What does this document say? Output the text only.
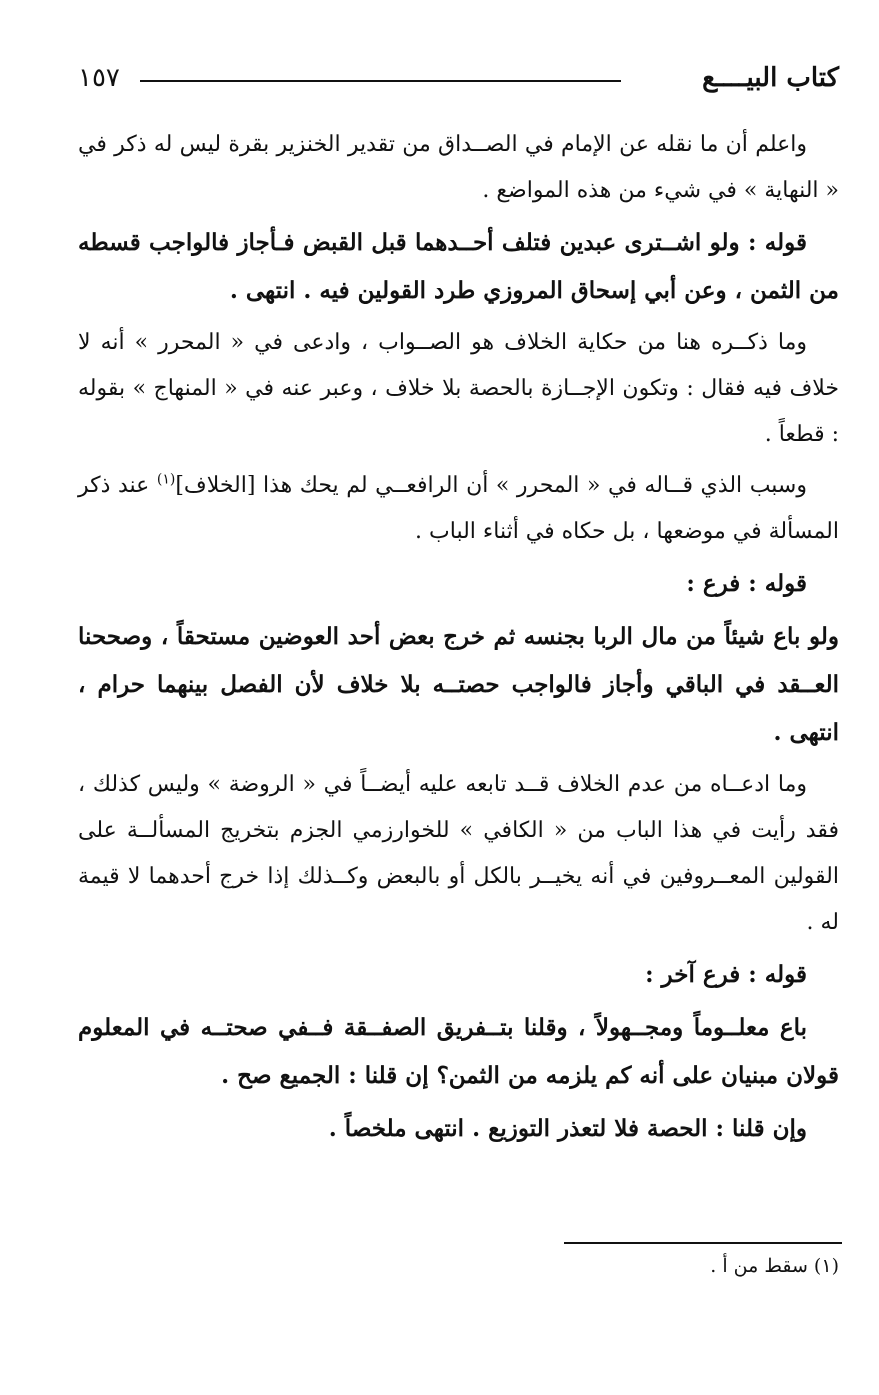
كتاب البيــــع
١٥٧

واعلم أن ما نقله عن الإمام في الصــداق من تقدير الخنزير بقرة ليس له ذكر في « النهاية » في شيء من هذه المواضع .

قوله : ولو اشــترى عبدين فتلف أحــدهما قبل القبض فـأجاز فالواجب قسطه من الثمن ، وعن أبي إسحاق المروزي طرد القولين فيه . انتهى .

وما ذكــره هنا من حكاية الخلاف هو الصــواب ، وادعى في « المحرر » أنه لا خلاف فيه فقال : وتكون الإجــازة بالحصة بلا خلاف ، وعبر عنه في « المنهاج » بقوله : قطعاً .

وسبب الذي قــاله في « المحرر » أن الرافعــي لم يحك هذا [الخلاف]$^{(١)}$ عند ذكر المسألة في موضعها ، بل حكاه في أثناء الباب .

قوله : فرع :

ولو باع شيئاً من مال الربا بجنسه ثم خرج بعض أحد العوضين مستحقاً ، وصححنا العــقد في الباقي وأجاز فالواجب حصتــه بلا خلاف لأن الفصل بينهما حرام ، انتهى .

وما ادعــاه من عدم الخلاف قــد تابعه عليه أيضــاً في « الروضة » وليس كذلك ، فقد رأيت في هذا الباب من « الكافي » للخوارزمي الجزم بتخريج المسألــة على القولين المعــروفين في أنه يخيــر بالكل أو بالبعض وكــذلك إذا خرج أحدهما لا قيمة له .

قوله : فرع آخر :

باع معلــوماً ومجــهولاً ، وقلنا بتــفريق الصفــقة فــفي صحتــه في المعلوم قولان مبنيان على أنه كم يلزمه من الثمن؟ إن قلنا : الجميع صح .

وإن قلنا : الحصة فلا لتعذر التوزيع . انتهى ملخصاً .

(١) سقط من أ .
